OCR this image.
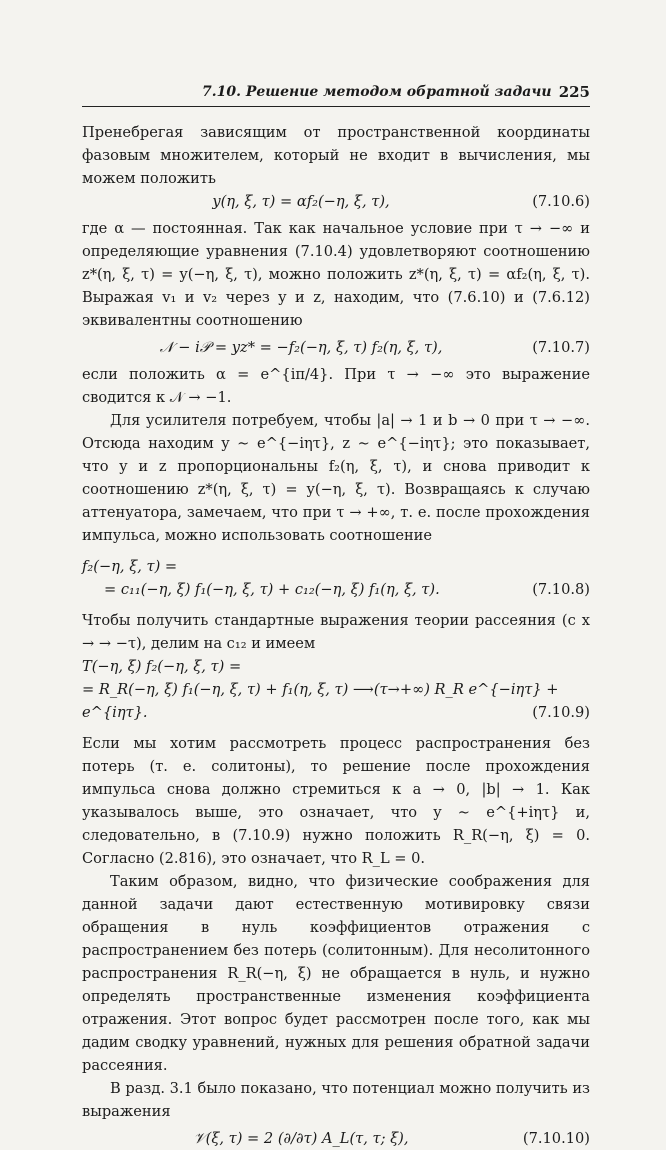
7.10. Решение методом обратной задачи 225

Пренебрегая зависящим от пространственной координаты фазовым множителем, который не входит в вычисления, мы можем положить

y(η, ξ, τ) = αf₂(−η, ξ, τ),	(7.10.6)

где α — постоянная. Так как начальное условие при τ → −∞ и определяющие уравнения (7.10.4) удовлетворяют соотношению z*(η, ξ, τ) = y(−η, ξ, τ), можно положить z*(η, ξ, τ) = αf₂(η, ξ, τ). Выражая v₁ и v₂ через y и z, находим, что (7.6.10) и (7.6.12) эквивалентны соотношению

𝒩 − i𝒫 = yz* = −f₂(−η, ξ, τ) f₂(η, ξ, τ),	(7.10.7)

если положить α = e^{iπ/4}. При τ → −∞ это выражение сводится к 𝒩 → −1.

Для усилителя потребуем, чтобы |a| → 1 и b → 0 при τ → −∞. Отсюда находим y ∼ e^{−iητ}, z ∼ e^{−iητ}; это показывает, что y и z пропорциональны f₂(η, ξ, τ), и снова приводит к соотношению z*(η, ξ, τ) = y(−η, ξ, τ). Возвращаясь к случаю аттенуатора, замечаем, что при τ → +∞, т. е. после прохождения импульса, можно использовать соотношение

f₂(−η, ξ, τ) =
= c₁₁(−η, ξ) f₁(−η, ξ, τ) + c₁₂(−η, ξ) f₁(η, ξ, τ).	(7.10.8)

Чтобы получить стандартные выражения теории рассеяния (с x → → −τ), делим на c₁₂ и имеем

T(−η, ξ) f₂(−η, ξ, τ) =
= R_R(−η, ξ) f₁(−η, ξ, τ) + f₁(η, ξ, τ) ⟶(τ→+∞) R_R e^{−iητ} + e^{iητ}.	(7.10.9)

Если мы хотим рассмотреть процесс распространения без потерь (т. е. солитоны), то решение после прохождения импульса снова должно стремиться к a → 0, |b| → 1. Как указывалось выше, это означает, что y ∼ e^{+iητ} и, следовательно, в (7.10.9) нужно положить R_R(−η, ξ) = 0. Согласно (2.816), это означает, что R_L = 0.

Таким образом, видно, что физические соображения для данной задачи дают естественную мотивировку связи обращения в нуль коэффициентов отражения с распространением без потерь (солитонным). Для несолитонного распространения R_R(−η, ξ) не обращается в нуль, и нужно определять пространственные изменения коэффициента отражения. Этот вопрос будет рассмотрен после того, как мы дадим сводку уравнений, нужных для решения обратной задачи рассеяния.

В разд. 3.1 было показано, что потенциал можно получить из выражения

𝒱(ξ, τ) = 2 (∂/∂τ) A_L(τ, τ; ξ),	(7.10.10)
